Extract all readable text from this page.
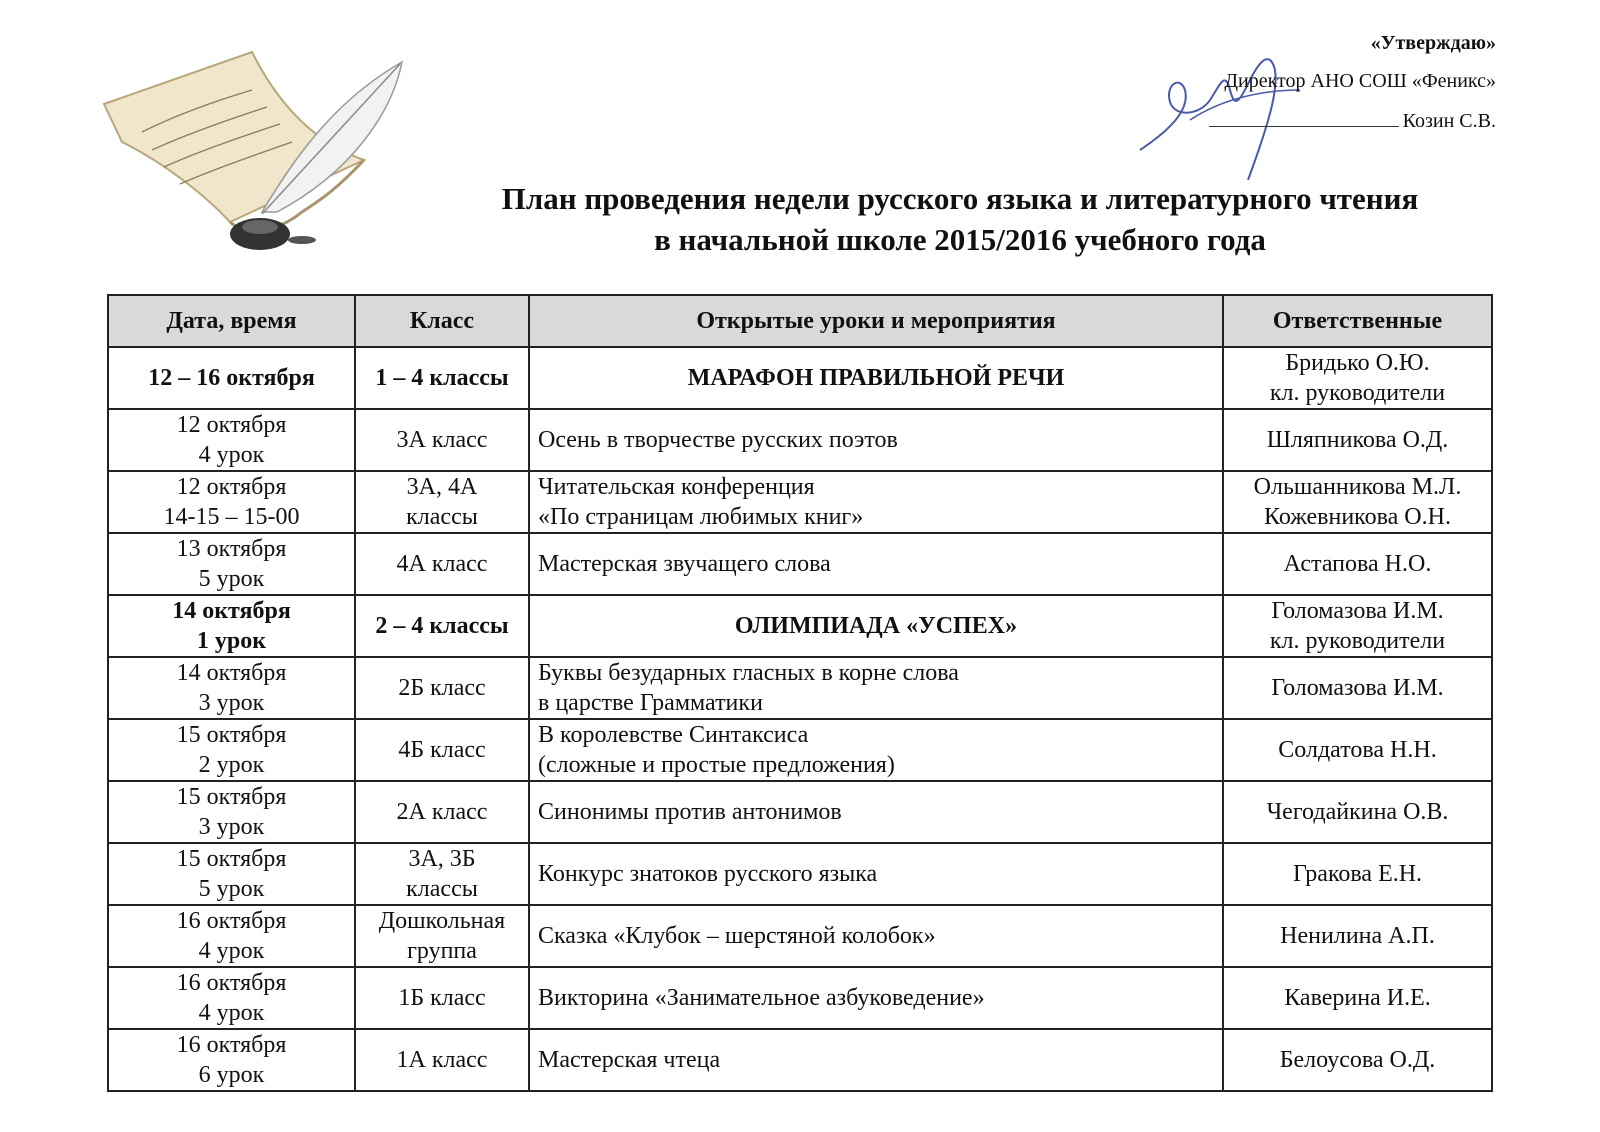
«Утверждаю»
Директор АНО СОШ «Феникс»
Козин С.В.
План проведения недели русского языка и литературного чтения
в начальной школе 2015/2016 учебного года
Дата, время	Класс	Открытые уроки и мероприятия	Ответственные

12 – 16 октября	1 – 4 классы	МАРАФОН ПРАВИЛЬНОЙ РЕЧИ	Бридько О.Ю.
кл. руководители

12 октября
4 урок	3А класс	Осень в творчестве русских поэтов	Шляпникова О.Д.

12 октября
14-15 – 15-00	3А, 4А
классы	Читательская конференция
«По страницам любимых книг»	Ольшанникова М.Л.
Кожевникова О.Н.

13 октября
5 урок	4А класс	Мастерская звучащего слова	Астапова Н.О.

14 октября
1 урок	2 – 4 классы	ОЛИМПИАДА «УСПЕХ»	Голомазова И.М.
кл. руководители

14 октября
3 урок	2Б класс	Буквы безударных гласных в корне слова
в царстве Грамматики	Голомазова И.М.

15 октября
2 урок	4Б класс	В королевстве Синтаксиса
(сложные и простые предложения)	Солдатова Н.Н.

15 октября
3 урок	2А класс	Синонимы против антонимов	Чегодайкина О.В.

15 октября
5 урок	3А, 3Б
классы	Конкурс знатоков русского языка	Гракова Е.Н.

16 октября
4 урок	Дошкольная
группа	Сказка «Клубок – шерстяной колобок»	Ненилина А.П.

16 октября
4 урок	1Б класс	Викторина «Занимательное азбуковедение»	Каверина И.Е.

16 октября
6 урок	1А класс	Мастерская чтеца	Белоусова О.Д.
